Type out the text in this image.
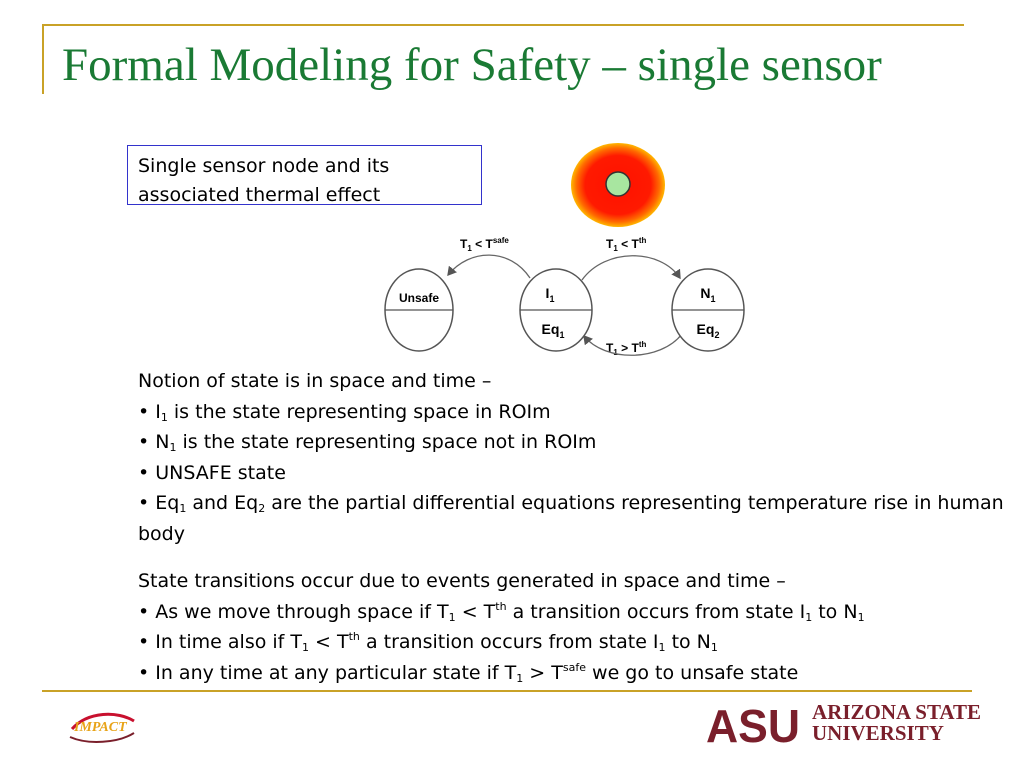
Formal Modeling for Safety – single sensor
Single sensor node and its
associated thermal effect
$T_1 < T^{safe}$	$T_1 < T^{th}$
$T_1 > T^{th}$
Unsafe	$I_1$
$Eq_1$
$N_1$
$Eq_2$

Notion of state is in space and time –

• $I_1$ is the state representing space in ROIm

• $N_1$ is the state representing space not in ROIm

• UNSAFE state

• $Eq_1$ and $Eq_2$ are the partial differential equations representing temperature rise in human body

State transitions occur due to events generated in space and time –

• As we move through space if $T_1 < T^{th}$ a transition occurs from state $I_1$ to $N_1$

• In time also if $T_1 < T^{th}$ a transition occurs from state $I_1$ to $N_1$

• In any time at any particular state if $T_1 > T^{safe}$ we go to unsafe state

IMPACT	ASU ARIZONA STATE
UNIVERSITY
